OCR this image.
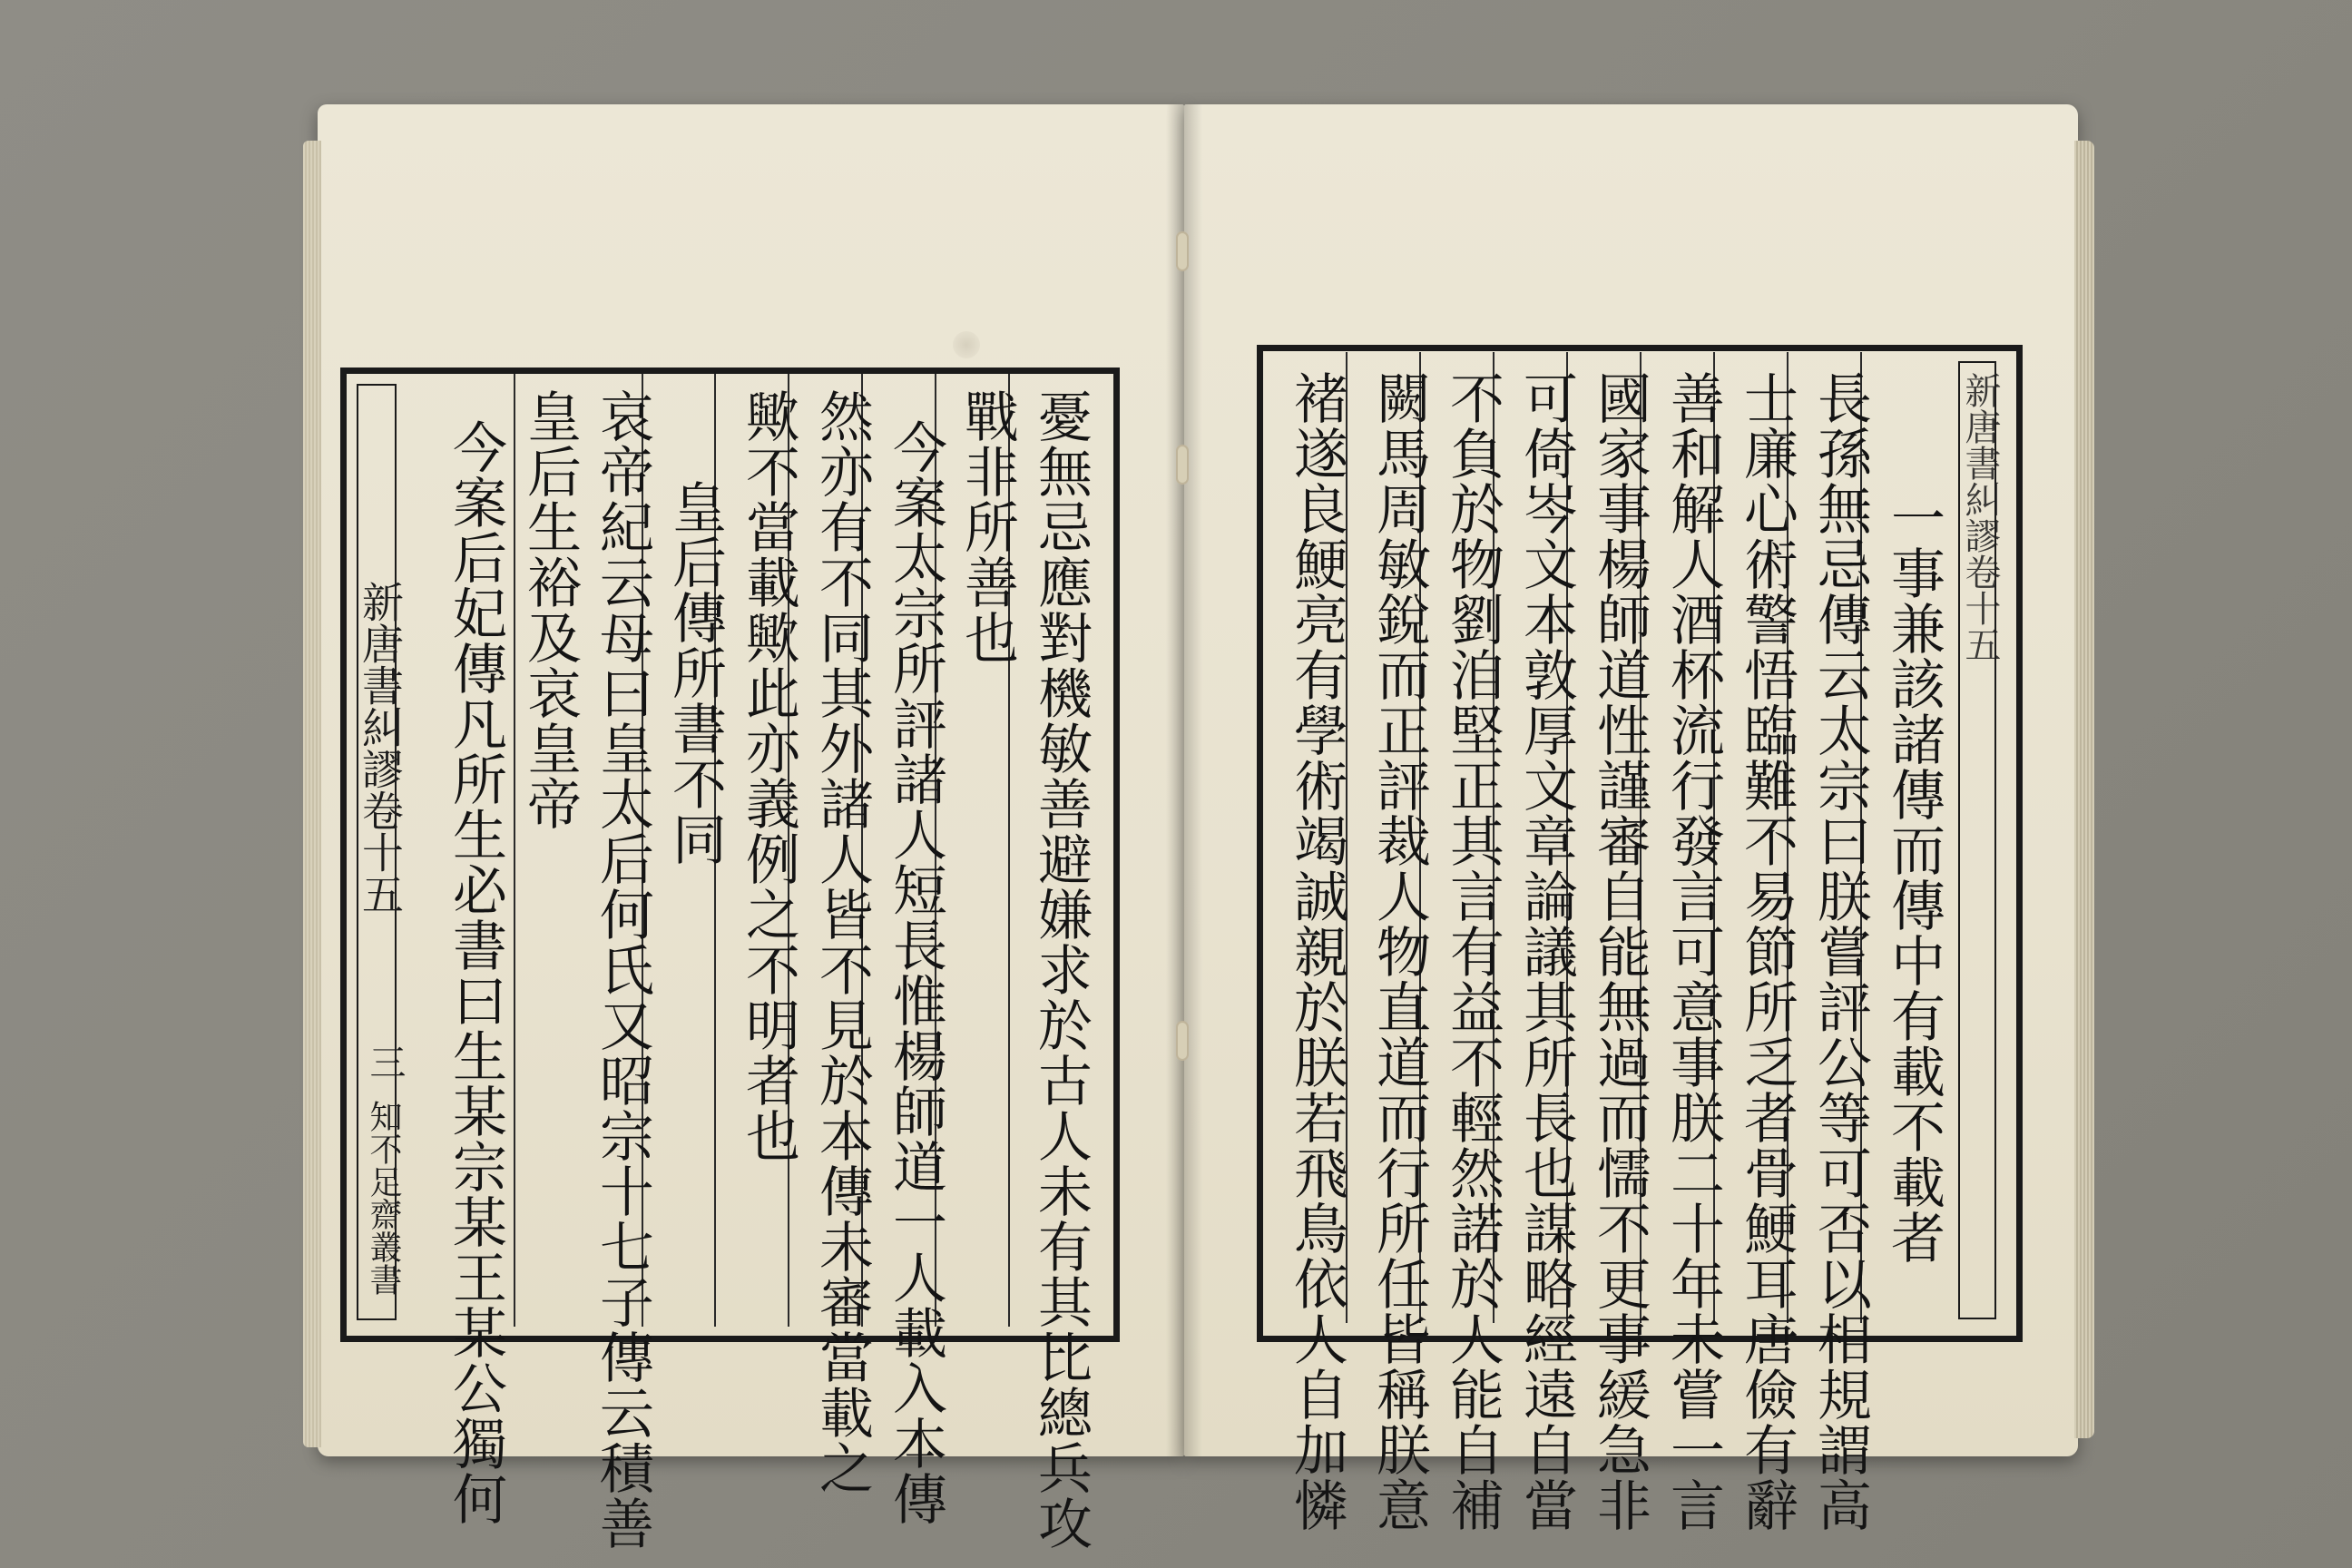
憂無忌應對機敏善避嫌求於古人未有其比總兵攻
戰非所善也
今案太宗所評諸人短長惟楊師道一人載入本傳
然亦有不同其外諸人皆不見於本傳未審當載之
歟不當載歟此亦義例之不明者也
皇后傳所書不同
哀帝紀云母曰皇太后何氏又昭宗十七子傳云積善
皇后生裕及哀皇帝
今案后妃傳凡所生必書曰生某宗某王某公獨何
新唐書糾謬卷十五
三
知不足齋叢書	一事兼該諸傳而傳中有載不載者
長孫無忌傳云太宗曰朕嘗評公等可否以相規謂高
士廉心術警悟臨難不易節所乏者骨鯁耳唐儉有辭
善和解人酒杯流行發言可意事朕二十年未嘗一言
國家事楊師道性謹審自能無過而懦不更事緩急非
可倚岑文本敦厚文章論議其所長也謀略經遠自當
不負於物劉洎堅正其言有益不輕然諾於人能自補
闕馬周敏銳而正評裁人物直道而行所任皆稱朕意
褚遂良鯁亮有學術竭誠親於朕若飛鳥依人自加憐	新唐書糾謬卷十五
